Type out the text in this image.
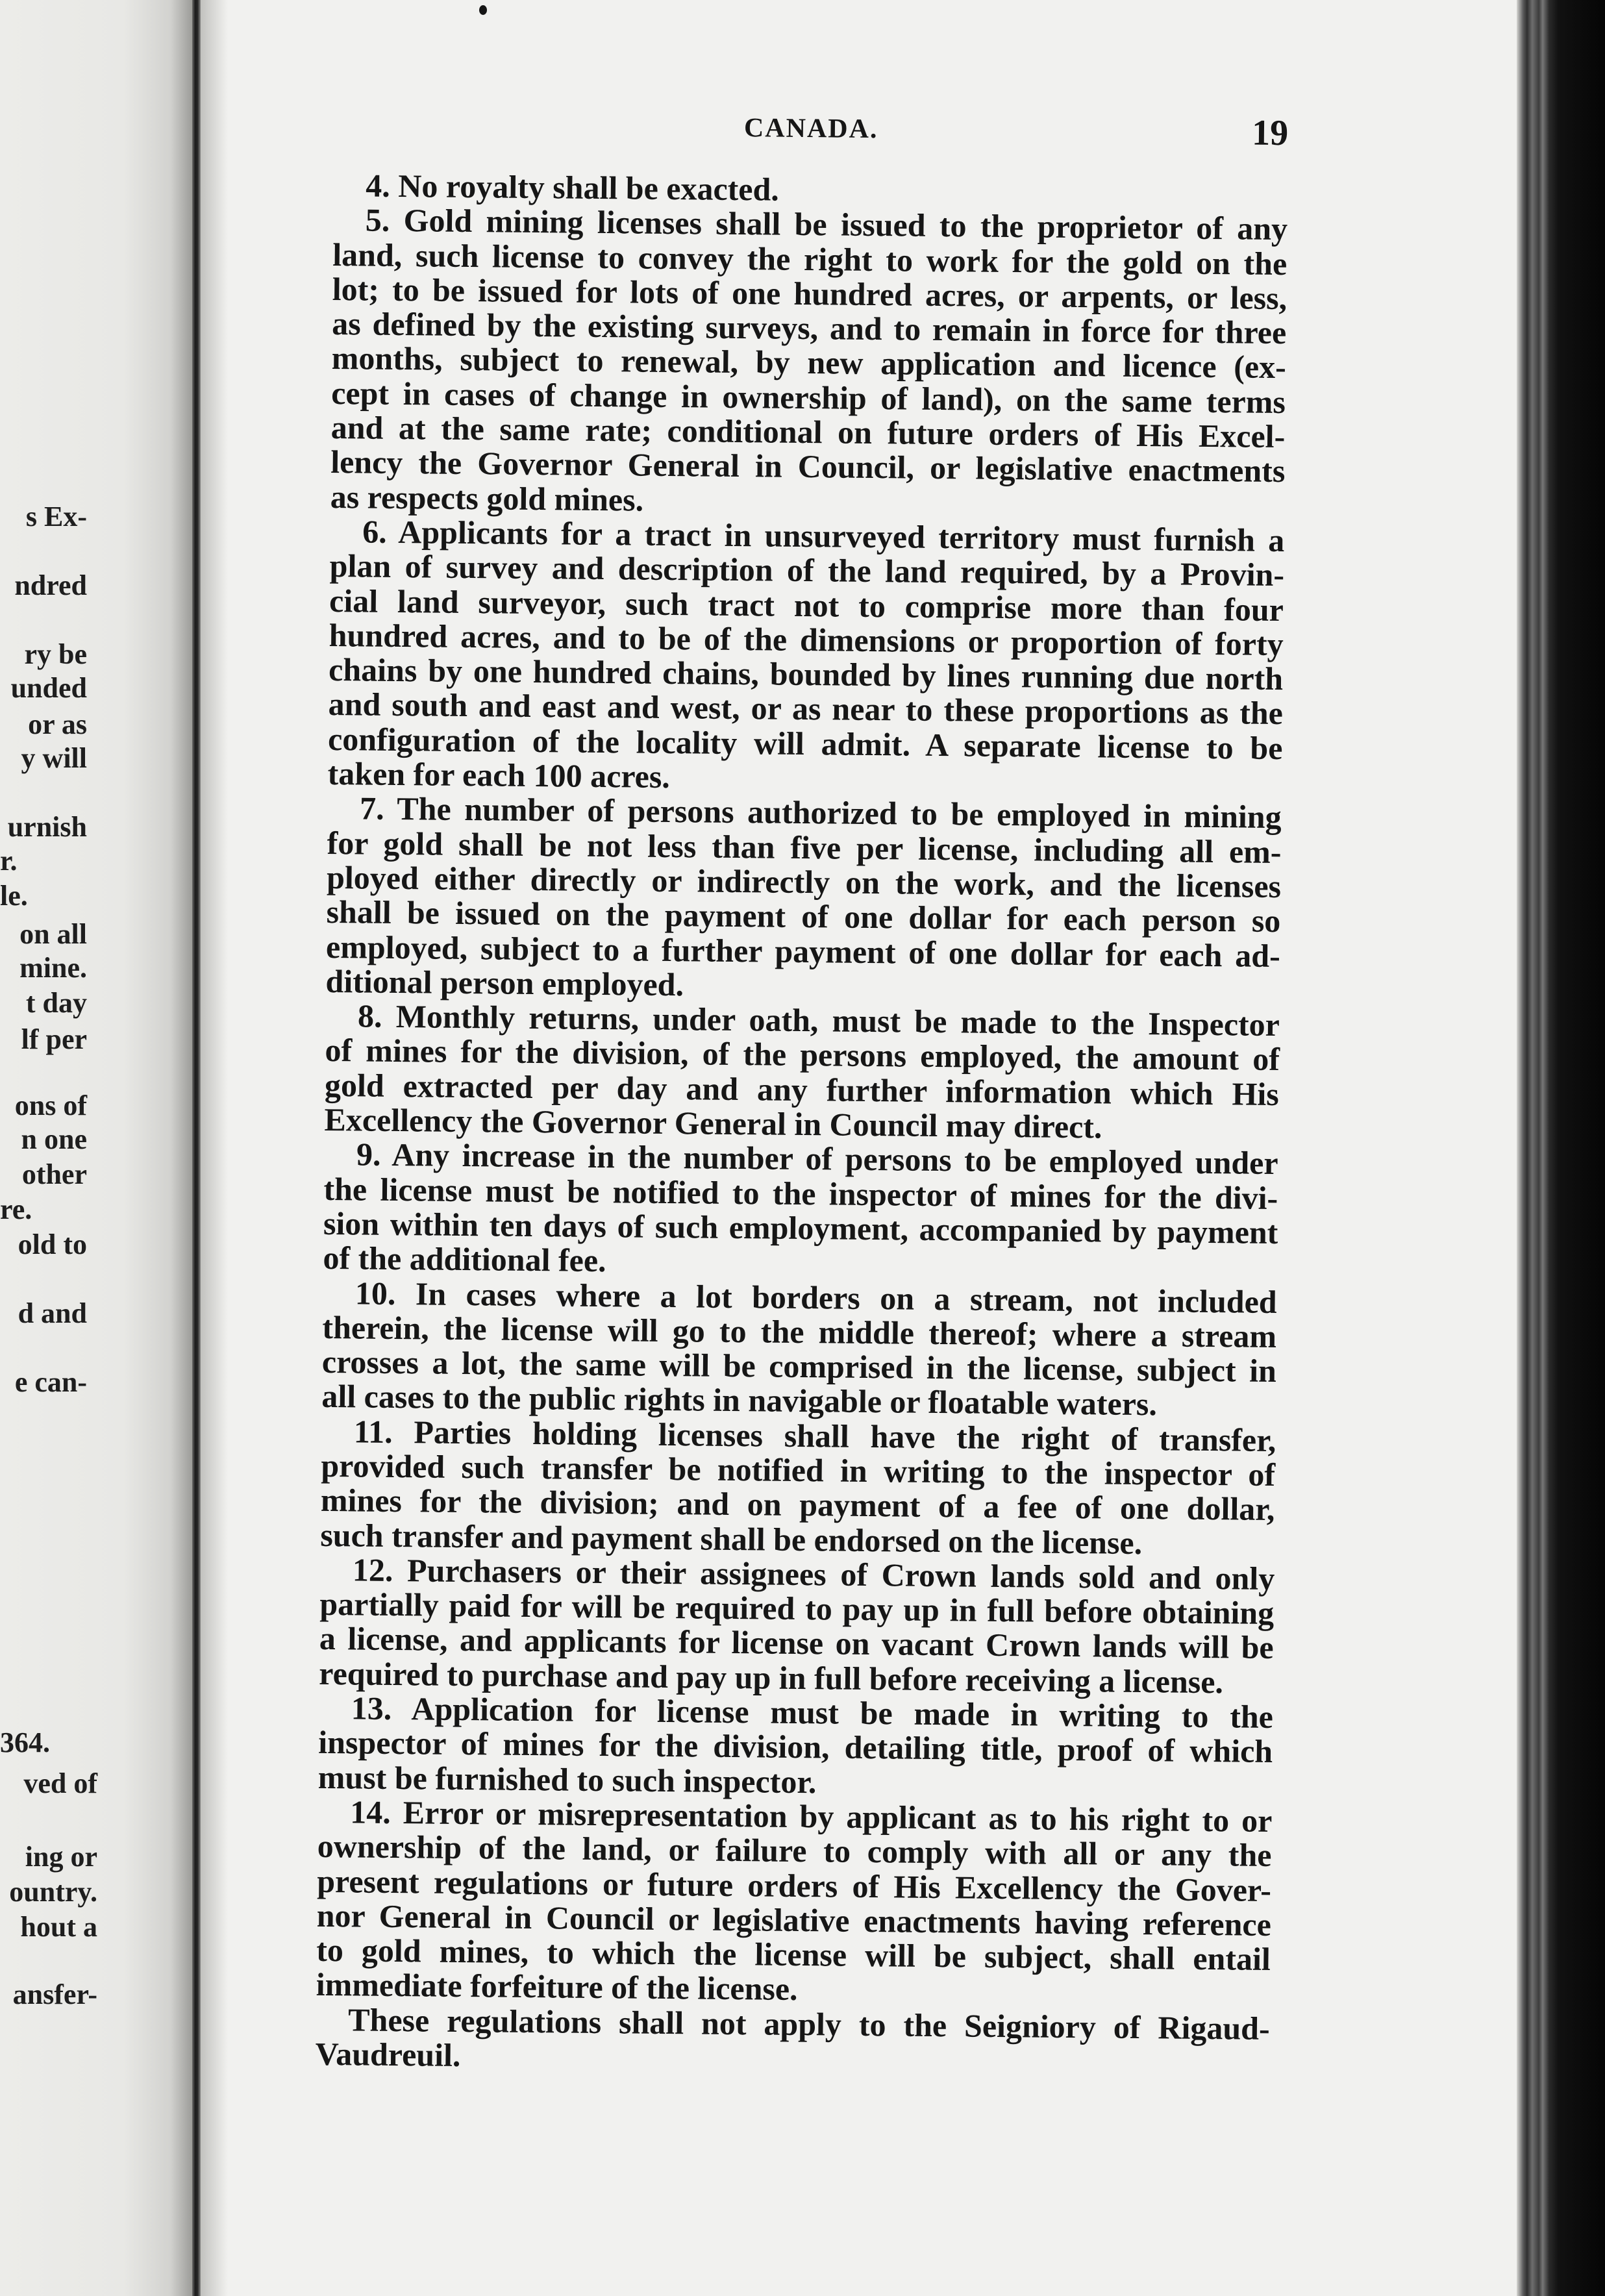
s Ex-
ndred
ry be
unded
or as
y will
urnish
r.
le.
on all
mine.
t day
lf per
ons of
n one
other
re.
old to
d and
e can-
364.
ved of
ing or
ountry.
hout a
ansfer-
CANADA.	19
4. No royalty shall be exacted.
5. Gold mining licenses shall be issued to the proprietor of any
land, such license to convey the right to work for the gold on the
lot; to be issued for lots of one hundred acres, or arpents, or less,
as defined by the existing surveys, and to remain in force for three
months, subject to renewal, by new application and licence (ex-
cept in cases of change in ownership of land), on the same terms
and at the same rate; conditional on future orders of His Excel-
lency the Governor General in Council, or legislative enactments
as respects gold mines.
6. Applicants for a tract in unsurveyed territory must furnish a
plan of survey and description of the land required, by a Provin-
cial land surveyor, such tract not to comprise more than four
hundred acres, and to be of the dimensions or proportion of forty
chains by one hundred chains, bounded by lines running due north
and south and east and west, or as near to these proportions as the
configuration of the locality will admit. A separate license to be
taken for each 100 acres.
7. The number of persons authorized to be employed in mining
for gold shall be not less than five per license, including all em-
ployed either directly or indirectly on the work, and the licenses
shall be issued on the payment of one dollar for each person so
employed, subject to a further payment of one dollar for each ad-
ditional person employed.
8. Monthly returns, under oath, must be made to the Inspector
of mines for the division, of the persons employed, the amount of
gold extracted per day and any further information which His
Excellency the Governor General in Council may direct.
9. Any increase in the number of persons to be employed under
the license must be notified to the inspector of mines for the divi-
sion within ten days of such employment, accompanied by payment
of the additional fee.
10. In cases where a lot borders on a stream, not included
therein, the license will go to the middle thereof; where a stream
crosses a lot, the same will be comprised in the license, subject in
all cases to the public rights in navigable or floatable waters.
11. Parties holding licenses shall have the right of transfer,
provided such transfer be notified in writing to the inspector of
mines for the division; and on payment of a fee of one dollar,
such transfer and payment shall be endorsed on the license.
12. Purchasers or their assignees of Crown lands sold and only
partially paid for will be required to pay up in full before obtaining
a license, and applicants for license on vacant Crown lands will be
required to purchase and pay up in full before receiving a license.
13. Application for license must be made in writing to the
inspector of mines for the division, detailing title, proof of which
must be furnished to such inspector.
14. Error or misrepresentation by applicant as to his right to or
ownership of the land, or failure to comply with all or any the
present regulations or future orders of His Excellency the Gover-
nor General in Council or legislative enactments having reference
to gold mines, to which the license will be subject, shall entail
immediate forfeiture of the license.
These regulations shall not apply to the Seigniory of Rigaud-
Vaudreuil.
